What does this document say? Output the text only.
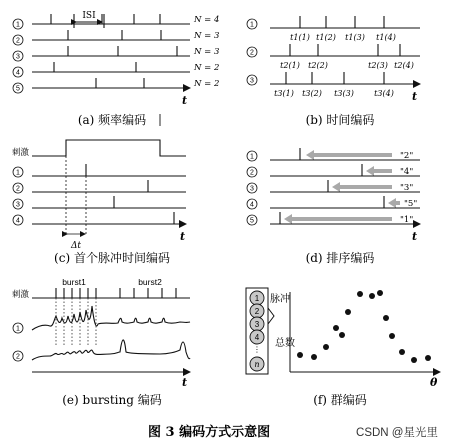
1
2
3
4
5
ISI	N = 4
N = 3
N = 3
N = 2
N = 2
t
(a) 频率编码
1
2
3
t1(1) t1(2) t1(3) t1(4)
t2(1) t2(2)	t2(3) t2(4)
t3(1) t3(2) t3(3)	t3(4) t
(b) 时间编码
刺激
1
2
3
4
Δt
t
(c) 首个脉冲时间编码
1
2
3
4
5
"2"
"4"
"3"
"5"
"1"
t
(d) 排序编码
刺激
burst1	burst2
1
2
t
(e) bursting 编码
1
2
3
4
⋮
n
脉冲
总数
θ
(f) 群编码
图 3 编码方式示意图	CSDN @星光里
